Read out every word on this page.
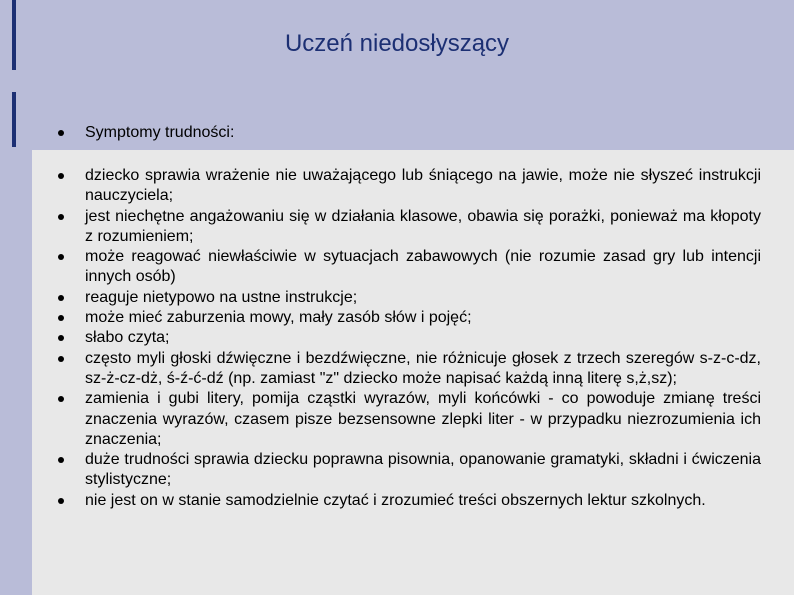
Uczeń niedosłyszący
Symptomy trudności:
dziecko sprawia wrażenie nie uważającego lub śniącego na jawie, może nie słyszeć instrukcji nauczyciela;
jest niechętne angażowaniu się w działania klasowe, obawia się porażki, ponieważ ma kłopoty z rozumieniem;
może reagować niewłaściwie w sytuacjach zabawowych (nie rozumie zasad gry lub intencji innych osób)
reaguje nietypowo na ustne instrukcje;
może mieć zaburzenia mowy, mały zasób słów i pojęć;
słabo czyta;
często myli głoski dźwięczne i bezdźwięczne, nie różnicuje głosek z trzech szeregów s-z-c-dz, sz-ż-cz-dż, ś-ź-ć-dź (np. zamiast "z" dziecko może napisać każdą inną literę s,ż,sz);
zamienia i gubi litery, pomija cząstki wyrazów, myli końcówki - co powoduje zmianę treści znaczenia wyrazów, czasem pisze bezsensowne zlepki liter - w przypadku niezrozumienia ich znaczenia;
duże trudności sprawia dziecku poprawna pisownia, opanowanie gramatyki, składni i ćwiczenia stylistyczne;
nie jest on w stanie samodzielnie czytać i zrozumieć treści obszernych lektur szkolnych.
